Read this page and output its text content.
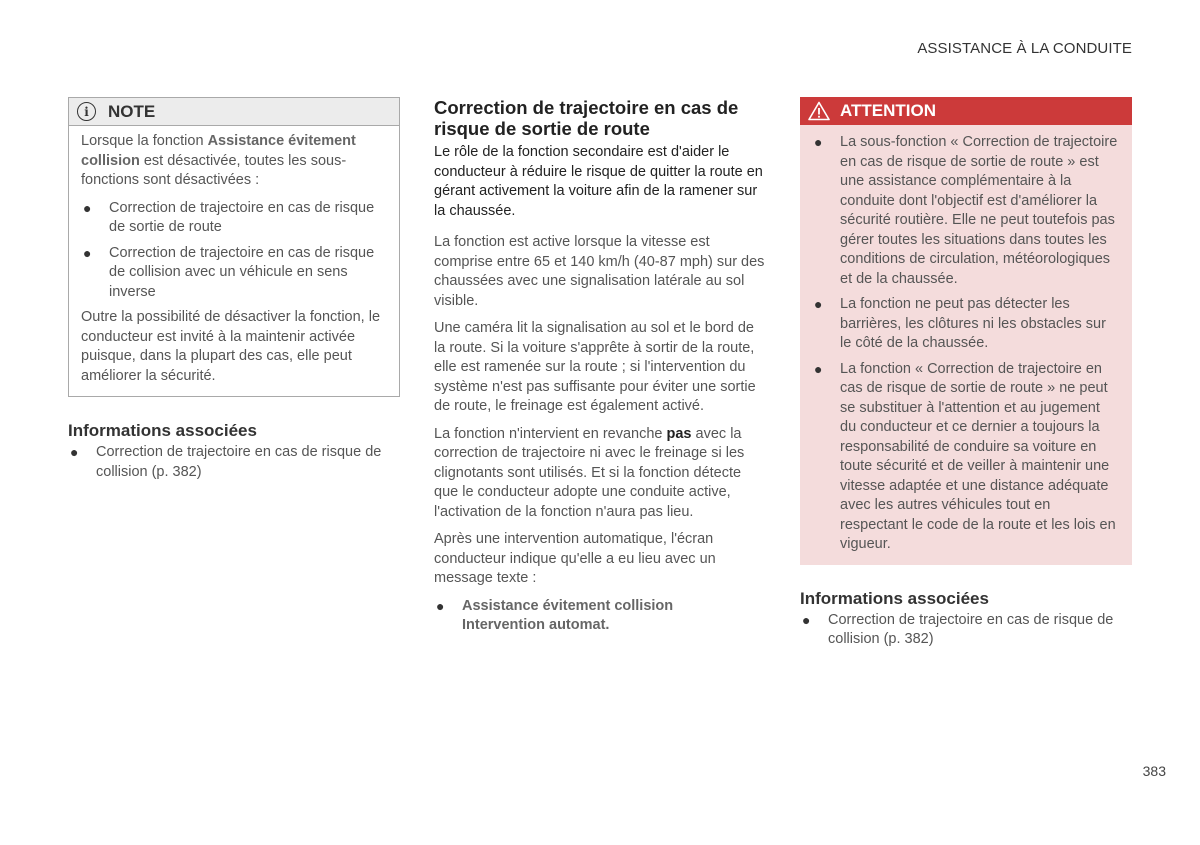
ASSISTANCE À LA CONDUITE
i	NOTE

Lorsque la fonction Assistance évitement collision est désactivée, toutes les sous-fonctions sont désactivées :

● Correction de trajectoire en cas de risque de sortie de route
● Correction de trajectoire en cas de risque de collision avec un véhicule en sens inverse

Outre la possibilité de désactiver la fonction, le conducteur est invité à la maintenir activée puisque, dans la plupart des cas, elle peut améliorer la sécurité.

Informations associées
● Correction de trajectoire en cas de risque de collision (p. 382)
Correction de trajectoire en cas de risque de sortie de route

Le rôle de la fonction secondaire est d'aider le conducteur à réduire le risque de quitter la route en gérant activement la voiture afin de la ramener sur la chaussée.

La fonction est active lorsque la vitesse est comprise entre 65 et 140 km/h (40-87 mph) sur des chaussées avec une signalisation latérale au sol visible.

Une caméra lit la signalisation au sol et le bord de la route. Si la voiture s'apprête à sortir de la route, elle est ramenée sur la route ; si l'intervention du système n'est pas suffisante pour éviter une sortie de route, le freinage est également activé.

La fonction n'intervient en revanche pas avec la correction de trajectoire ni avec le freinage si les clignotants sont utilisés. Et si la fonction détecte que le conducteur adopte une conduite active, l'activation de la fonction n'aura pas lieu.

Après une intervention automatique, l'écran conducteur indique qu'elle a eu lieu avec un message texte :

● Assistance évitement collision
Intervention automat.
ATTENTION
● La sous-fonction « Correction de trajectoire en cas de risque de sortie de route » est une assistance complémentaire à la conduite dont l'objectif est d'améliorer la sécurité routière. Elle ne peut toutefois pas gérer toutes les situations dans toutes les conditions de circulation, météorologiques et de la chaussée.
● La fonction ne peut pas détecter les barrières, les clôtures ni les obstacles sur le côté de la chaussée.
● La fonction « Correction de trajectoire en cas de risque de sortie de route » ne peut se substituer à l'attention et au jugement du conducteur et ce dernier a toujours la responsabilité de conduire sa voiture en toute sécurité et de veiller à maintenir une vitesse adaptée et une distance adéquate avec les autres véhicules tout en respectant le code de la route et les lois en vigueur.
Informations associées
● Correction de trajectoire en cas de risque de collision (p. 382)
383
